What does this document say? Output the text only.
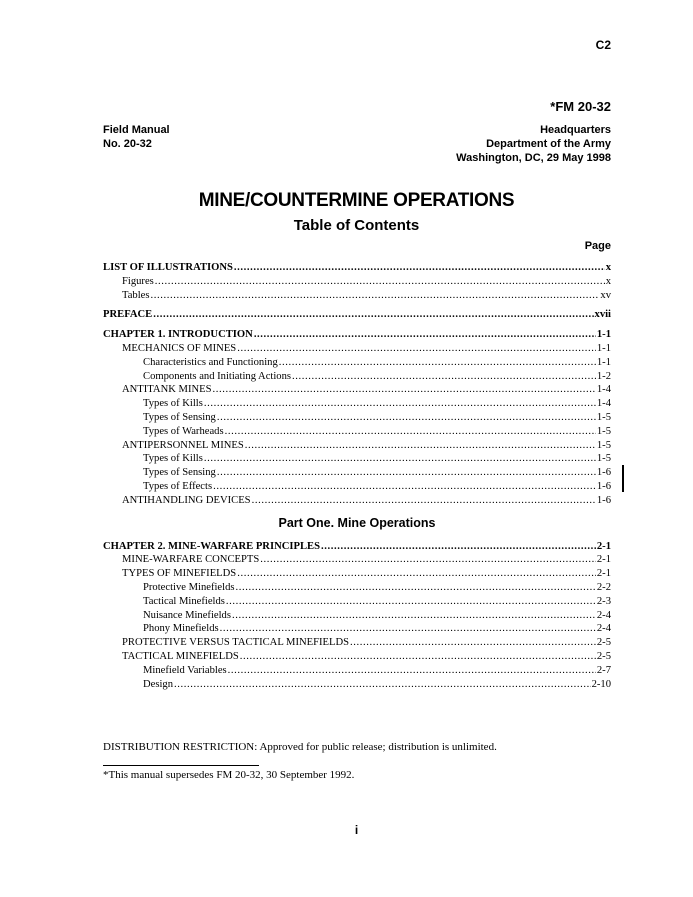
C2
*FM 20-32
Field Manual
No. 20-32
Headquarters
Department of the Army
Washington, DC, 29 May 1998
MINE/COUNTERMINE OPERATIONS
Table of Contents
Page
LIST OF ILLUSTRATIONS .....	x
Figures .....	x
Tables .....	xv
PREFACE .....	xvii
CHAPTER 1. INTRODUCTION .....	1-1
MECHANICS OF MINES .....	1-1
Characteristics and Functioning .....	1-1
Components and Initiating Actions .....	1-2
ANTITANK MINES .....	1-4
Types of Kills .....	1-4
Types of Sensing .....	1-5
Types of Warheads .....	1-5
ANTIPERSONNEL MINES .....	1-5
Types of Kills .....	1-5
Types of Sensing .....	1-6
Types of Effects .....	1-6
ANTIHANDLING DEVICES .....	1-6
Part One. Mine Operations
CHAPTER 2. MINE-WARFARE PRINCIPLES .....	2-1
MINE-WARFARE CONCEPTS .....	2-1
TYPES OF MINEFIELDS .....	2-1
Protective Minefields .....	2-2
Tactical Minefields .....	2-3
Nuisance Minefields .....	2-4
Phony Minefields .....	2-4
PROTECTIVE VERSUS TACTICAL MINEFIELDS .....	2-5
TACTICAL MINEFIELDS .....	2-5
Minefield Variables .....	2-7
Design .....	2-10
DISTRIBUTION RESTRICTION: Approved for public release; distribution is unlimited.
*This manual supersedes FM 20-32, 30 September 1992.
i
